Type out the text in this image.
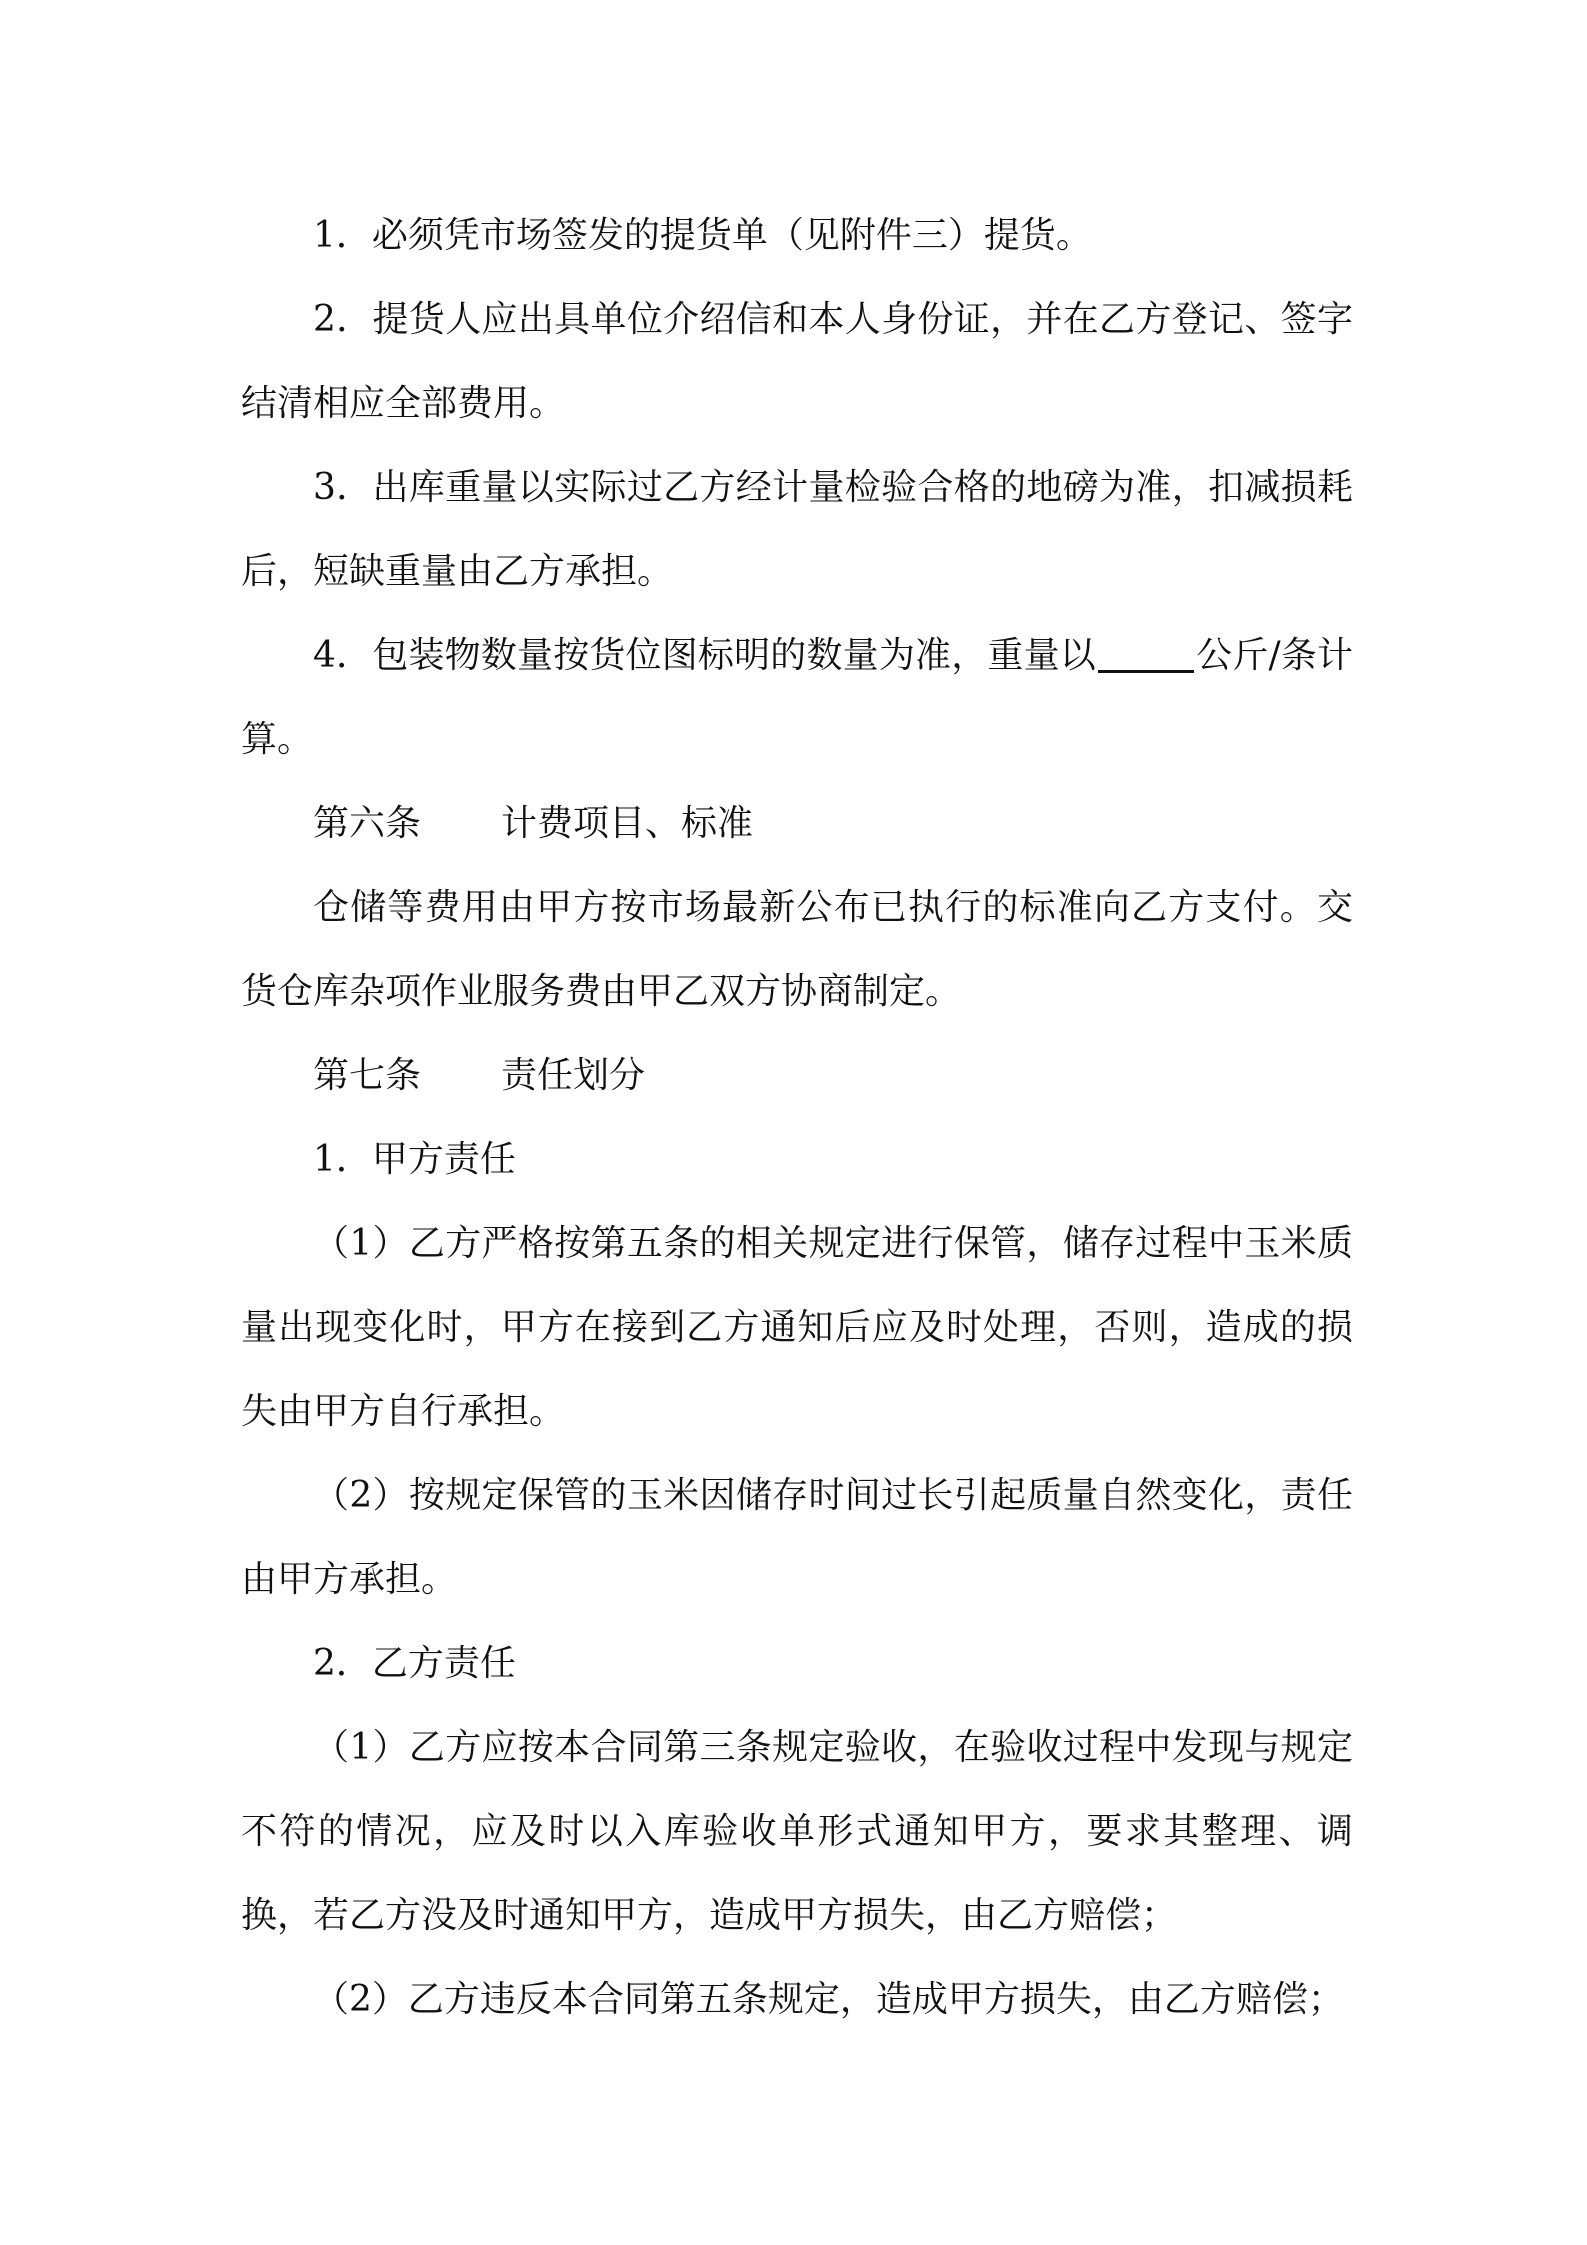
1．必须凭市场签发的提货单（见附件三）提货。

2．提货人应出具单位介绍信和本人身份证，并在乙方登记、签字结清相应全部费用。

3．出库重量以实际过乙方经计量检验合格的地磅为准，扣减损耗后，短缺重量由乙方承担。

4．包装物数量按货位图标明的数量为准，重量以	公斤/条计算。

第六条 计费项目、标准

仓储等费用由甲方按市场最新公布已执行的标准向乙方支付。交货仓库杂项作业服务费由甲乙双方协商制定。

第七条 责任划分

1．甲方责任

（1）乙方严格按第五条的相关规定进行保管，储存过程中玉米质量出现变化时，甲方在接到乙方通知后应及时处理，否则，造成的损失由甲方自行承担。

（2）按规定保管的玉米因储存时间过长引起质量自然变化，责任由甲方承担。

2．乙方责任

（1）乙方应按本合同第三条规定验收，在验收过程中发现与规定不符的情况，应及时以入库验收单形式通知甲方，要求其整理、调换，若乙方没及时通知甲方，造成甲方损失，由乙方赔偿；

（2）乙方违反本合同第五条规定，造成甲方损失，由乙方赔偿；
